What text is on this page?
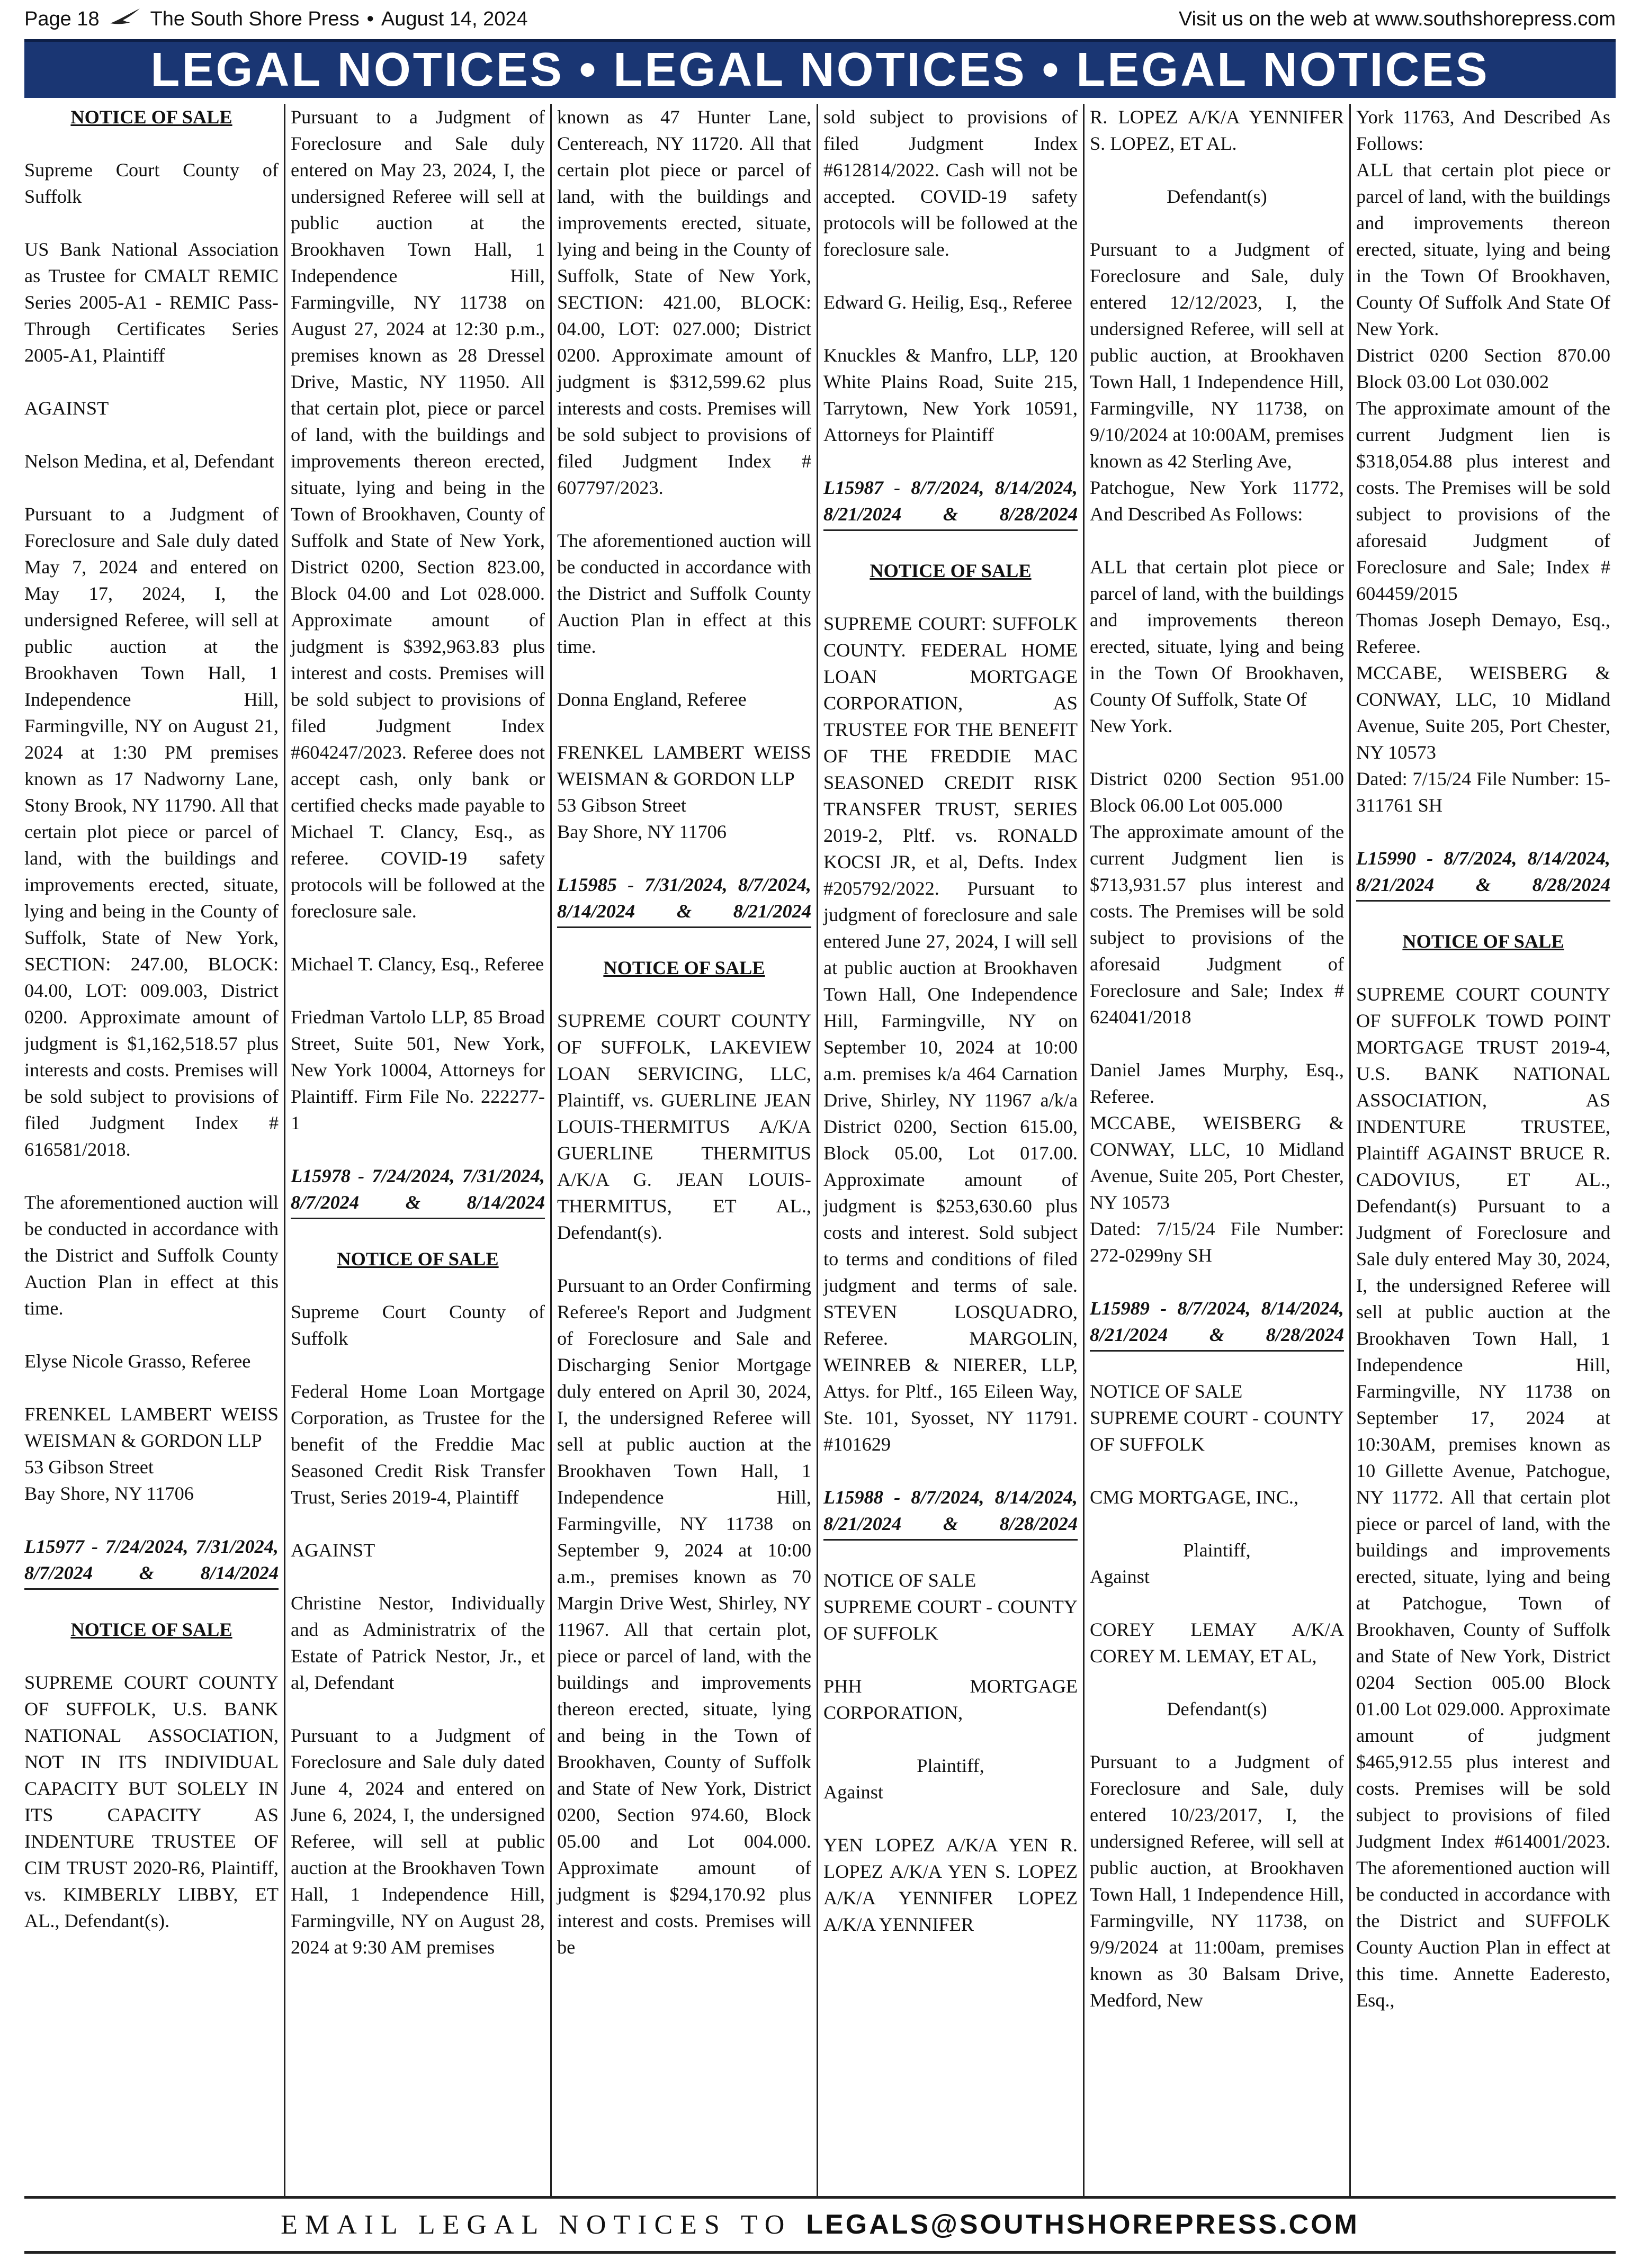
Page 18	The South Shore Press • August 14, 2024	Visit us on the web at www.southshorepress.com
LEGAL NOTICES • LEGAL NOTICES • LEGAL NOTICES
NOTICE OF SALE

Supreme Court County of Suffolk

US Bank National Association as Trustee for CMALT REMIC Series 2005-A1 - REMIC Pass-Through Certificates Series 2005-A1, Plaintiff

AGAINST

Nelson Medina, et al, Defendant

Pursuant to a Judgment of Foreclosure and Sale duly dated May 7, 2024 and entered on May 17, 2024, I, the undersigned Referee, will sell at public auction at the Brookhaven Town Hall, 1 Independence Hill, Farmingville, NY on August 21, 2024 at 1:30 PM premises known as 17 Nadworny Lane, Stony Brook, NY 11790. All that certain plot piece or parcel of land, with the buildings and improvements erected, situate, lying and being in the County of Suffolk, State of New York, SECTION: 247.00, BLOCK: 04.00, LOT: 009.003, District 0200. Approximate amount of judgment is $1,162,518.57 plus interests and costs. Premises will be sold subject to provisions of filed Judgment Index # 616581/2018.

The aforementioned auction will be conducted in accordance with the District and Suffolk County Auction Plan in effect at this time.

Elyse Nicole Grasso, Referee

FRENKEL LAMBERT WEISS WEISMAN & GORDON LLP
53 Gibson Street
Bay Shore, NY 11706

L15977 - 7/24/2024, 7/31/2024, 8/7/2024 & 8/14/2024
NOTICE OF SALE

SUPREME COURT COUNTY OF SUFFOLK, U.S. BANK NATIONAL ASSOCIATION, NOT IN ITS INDIVIDUAL CAPACITY BUT SOLELY IN ITS CAPACITY AS INDENTURE TRUSTEE OF CIM TRUST 2020-R6, Plaintiff, vs. KIMBERLY LIBBY, ET AL., Defendant(s).

Pursuant to a Judgment of Foreclosure and Sale duly entered on May 23, 2024, I, the undersigned Referee will sell at public auction at the Brookhaven Town Hall, 1 Independence Hill, Farmingville, NY 11738 on August 27, 2024 at 12:30 p.m., premises known as 28 Dressel Drive, Mastic, NY 11950. All that certain plot, piece or parcel of land, with the buildings and improvements thereon erected, situate, lying and being in the Town of Brookhaven, County of Suffolk and State of New York, District 0200, Section 823.00, Block 04.00 and Lot 028.000. Approximate amount of judgment is $392,963.83 plus interest and costs. Premises will be sold subject to provisions of filed Judgment Index #604247/2023. Referee does not accept cash, only bank or certified checks made payable to Michael T. Clancy, Esq., as referee. COVID-19 safety protocols will be followed at the foreclosure sale.

Michael T. Clancy, Esq., Referee

Friedman Vartolo LLP, 85 Broad Street, Suite 501, New York, New York 10004, Attorneys for Plaintiff. Firm File No. 222277-1

L15978 - 7/24/2024, 7/31/2024, 8/7/2024 & 8/14/2024
NOTICE OF SALE

Supreme Court County of Suffolk

Federal Home Loan Mortgage Corporation, as Trustee for the benefit of the Freddie Mac Seasoned Credit Risk Transfer Trust, Series 2019-4, Plaintiff

AGAINST

Christine Nestor, Individually and as Administratrix of the Estate of Patrick Nestor, Jr., et al, Defendant

Pursuant to a Judgment of Foreclosure and Sale duly dated June 4, 2024 and entered on June 6, 2024, I, the undersigned Referee, will sell at public auction at the Brookhaven Town Hall, 1 Independence Hill, Farmingville, NY on August 28, 2024 at 9:30 AM premises

known as 47 Hunter Lane, Centereach, NY 11720. All that certain plot piece or parcel of land, with the buildings and improvements erected, situate, lying and being in the County of Suffolk, State of New York, SECTION: 421.00, BLOCK: 04.00, LOT: 027.000; District 0200. Approximate amount of judgment is $312,599.62 plus interests and costs. Premises will be sold subject to provisions of filed Judgment Index # 607797/2023.

The aforementioned auction will be conducted in accordance with the District and Suffolk County Auction Plan in effect at this time.

Donna England, Referee

FRENKEL LAMBERT WEISS WEISMAN & GORDON LLP
53 Gibson Street
Bay Shore, NY 11706

L15985 - 7/31/2024, 8/7/2024, 8/14/2024 & 8/21/2024
NOTICE OF SALE

SUPREME COURT COUNTY OF SUFFOLK, LAKEVIEW LOAN SERVICING, LLC, Plaintiff, vs. GUERLINE JEAN LOUIS-THERMITUS A/K/A GUERLINE THERMITUS A/K/A G. JEAN LOUIS-THERMITUS, ET AL., Defendant(s).

Pursuant to an Order Confirming Referee's Report and Judgment of Foreclosure and Sale and Discharging Senior Mortgage duly entered on April 30, 2024, I, the undersigned Referee will sell at public auction at the Brookhaven Town Hall, 1 Independence Hill, Farmingville, NY 11738 on September 9, 2024 at 10:00 a.m., premises known as 70 Margin Drive West, Shirley, NY 11967. All that certain plot, piece or parcel of land, with the buildings and improvements thereon erected, situate, lying and being in the Town of Brookhaven, County of Suffolk and State of New York, District 0200, Section 974.60, Block 05.00 and Lot 004.000. Approximate amount of judgment is $294,170.92 plus interest and costs. Premises will be

sold subject to provisions of filed Judgment Index #612814/2022. Cash will not be accepted. COVID-19 safety protocols will be followed at the foreclosure sale.

Edward G. Heilig, Esq., Referee

Knuckles & Manfro, LLP, 120 White Plains Road, Suite 215, Tarrytown, New York 10591, Attorneys for Plaintiff

L15987 - 8/7/2024, 8/14/2024, 8/21/2024 & 8/28/2024
NOTICE OF SALE

SUPREME COURT: SUFFOLK COUNTY. FEDERAL HOME LOAN MORTGAGE CORPORATION, AS TRUSTEE FOR THE BENEFIT OF THE FREDDIE MAC SEASONED CREDIT RISK TRANSFER TRUST, SERIES 2019-2, Pltf. vs. RONALD KOCSI JR, et al, Defts. Index #205792/2022. Pursuant to judgment of foreclosure and sale entered June 27, 2024, I will sell at public auction at Brookhaven Town Hall, One Independence Hill, Farmingville, NY on September 10, 2024 at 10:00 a.m. premises k/a 464 Carnation Drive, Shirley, NY 11967 a/k/a District 0200, Section 615.00, Block 05.00, Lot 017.00. Approximate amount of judgment is $253,630.60 plus costs and interest. Sold subject to terms and conditions of filed judgment and terms of sale. STEVEN LOSQUADRO, Referee. MARGOLIN, WEINREB & NIERER, LLP, Attys. for Pltf., 165 Eileen Way, Ste. 101, Syosset, NY 11791. #101629

L15988 - 8/7/2024, 8/14/2024, 8/21/2024 & 8/28/2024

NOTICE OF SALE
SUPREME COURT - COUNTY OF SUFFOLK

PHH MORTGAGE CORPORATION,

Plaintiff,

Against

YEN LOPEZ A/K/A YEN R. LOPEZ A/K/A YEN S. LOPEZ A/K/A YENNIFER LOPEZ A/K/A YENNIFER

R. LOPEZ A/K/A YENNIFER S. LOPEZ, ET AL.

Defendant(s)

Pursuant to a Judgment of Foreclosure and Sale, duly entered 12/12/2023, I, the undersigned Referee, will sell at public auction, at Brookhaven Town Hall, 1 Independence Hill, Farmingville, NY 11738, on 9/10/2024 at 10:00AM, premises known as 42 Sterling Ave,
Patchogue, New York 11772, And Described As Follows:

ALL that certain plot piece or parcel of land, with the buildings and improvements thereon erected, situate, lying and being in the Town Of Brookhaven, County Of Suffolk, State Of
New York.

District 0200 Section 951.00 Block 06.00 Lot 005.000
The approximate amount of the current Judgment lien is $713,931.57 plus interest and costs. The Premises will be sold subject to provisions of the aforesaid Judgment of Foreclosure and Sale; Index # 624041/2018

Daniel James Murphy, Esq., Referee.
MCCABE, WEISBERG & CONWAY, LLC, 10 Midland Avenue, Suite 205, Port Chester, NY 10573
Dated: 7/15/24 File Number: 272-0299ny SH

L15989 - 8/7/2024, 8/14/2024, 8/21/2024 & 8/28/2024

NOTICE OF SALE
SUPREME COURT - COUNTY OF SUFFOLK

CMG MORTGAGE, INC.,

Plaintiff,

Against

COREY LEMAY A/K/A COREY M. LEMAY, ET AL,

Defendant(s)

Pursuant to a Judgment of Foreclosure and Sale, duly entered 10/23/2017, I, the undersigned Referee, will sell at public auction, at Brookhaven Town Hall, 1 Independence Hill, Farmingville, NY 11738, on 9/9/2024 at 11:00am, premises known as 30 Balsam Drive, Medford, New

York 11763, And Described As Follows:
ALL that certain plot piece or parcel of land, with the buildings and improvements thereon erected, situate, lying and being in the Town Of Brookhaven, County Of Suffolk And State Of New York.
District 0200 Section 870.00 Block 03.00 Lot 030.002
The approximate amount of the current Judgment lien is $318,054.88 plus interest and costs. The Premises will be sold subject to provisions of the aforesaid Judgment of Foreclosure and Sale; Index # 604459/2015
Thomas Joseph Demayo, Esq., Referee.
MCCABE, WEISBERG & CONWAY, LLC, 10 Midland Avenue, Suite 205, Port Chester, NY 10573
Dated: 7/15/24 File Number: 15-311761 SH

L15990 - 8/7/2024, 8/14/2024, 8/21/2024 & 8/28/2024
NOTICE OF SALE

SUPREME COURT COUNTY OF SUFFOLK TOWD POINT MORTGAGE TRUST 2019-4, U.S. BANK NATIONAL ASSOCIATION, AS INDENTURE TRUSTEE, Plaintiff AGAINST BRUCE R. CADOVIUS, ET AL., Defendant(s) Pursuant to a Judgment of Foreclosure and Sale duly entered May 30, 2024, I, the undersigned Referee will sell at public auction at the Brookhaven Town Hall, 1 Independence Hill, Farmingville, NY 11738 on September 17, 2024 at 10:30AM, premises known as 10 Gillette Avenue, Patchogue, NY 11772. All that certain plot piece or parcel of land, with the buildings and improvements erected, situate, lying and being at Patchogue, Town of Brookhaven, County of Suffolk and State of New York, District 0204 Section 005.00 Block 01.00 Lot 029.000. Approximate amount of judgment $465,912.55 plus interest and costs. Premises will be sold subject to provisions of filed Judgment Index #614001/2023. The aforementioned auction will be conducted in accordance with the District and SUFFOLK County Auction Plan in effect at this time. Annette Eaderesto, Esq.,

EMAIL LEGAL NOTICES TO LEGALS@SOUTHSHOREPRESS.COM
